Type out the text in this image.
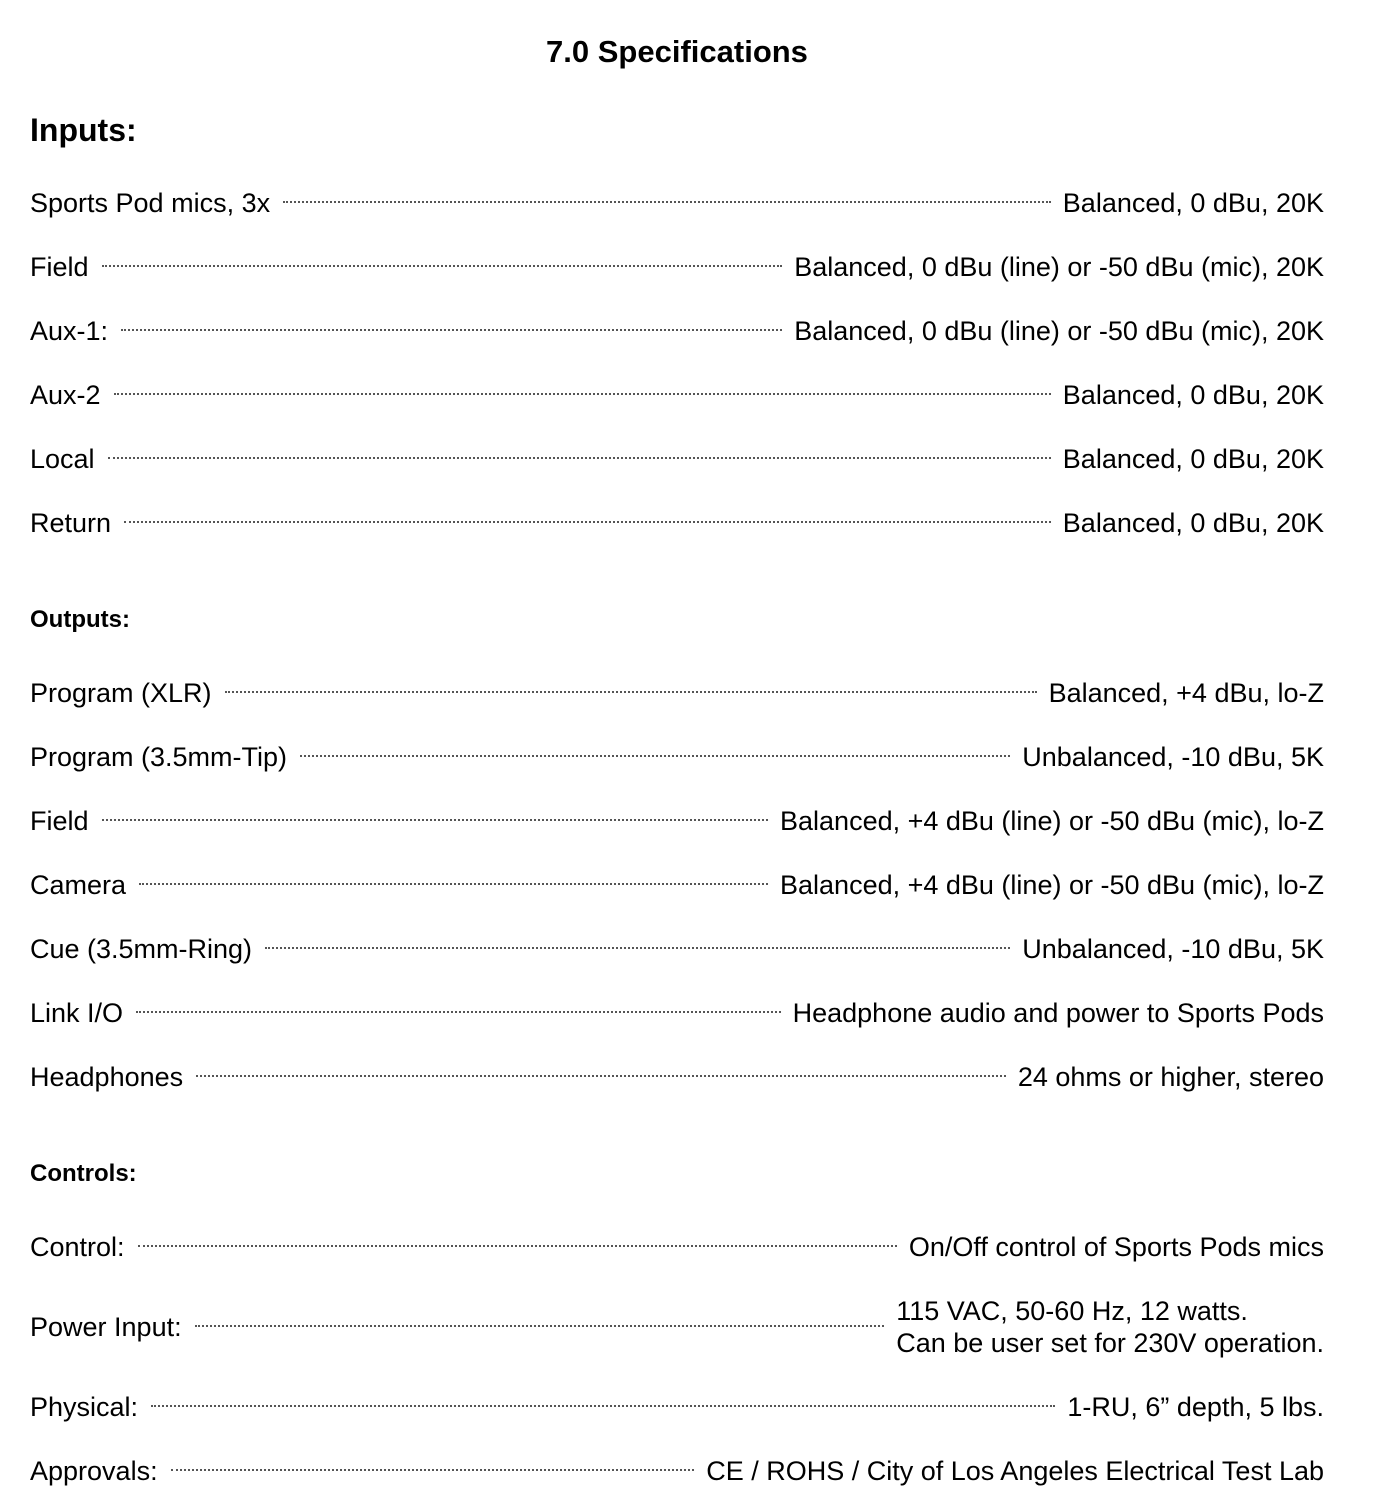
7.0 Specifications
Inputs:
Sports Pod mics, 3x	Balanced, 0 dBu, 20K
Field	Balanced, 0 dBu (line) or -50 dBu (mic), 20K
Aux-1:	Balanced, 0 dBu (line) or -50 dBu (mic), 20K
Aux-2	Balanced, 0 dBu, 20K
Local	Balanced, 0 dBu, 20K
Return	Balanced, 0 dBu, 20K
Outputs:
Program (XLR)	Balanced, +4 dBu, lo-Z
Program (3.5mm-Tip)	Unbalanced, -10 dBu, 5K
Field	Balanced, +4 dBu (line) or -50 dBu (mic), lo-Z
Camera	Balanced, +4 dBu (line) or -50 dBu (mic), lo-Z
Cue (3.5mm-Ring)	Unbalanced, -10 dBu, 5K
Link I/O	Headphone audio and power to Sports Pods
Headphones	24 ohms or higher, stereo
Controls:
Control:	On/Off control of Sports Pods mics
Power Input:
115 VAC, 50-60 Hz, 12 watts.
Can be user set for 230V operation.
Physical:	1-RU, 6” depth, 5 lbs.
Approvals:	CE / ROHS / City of Los Angeles Electrical Test Lab
